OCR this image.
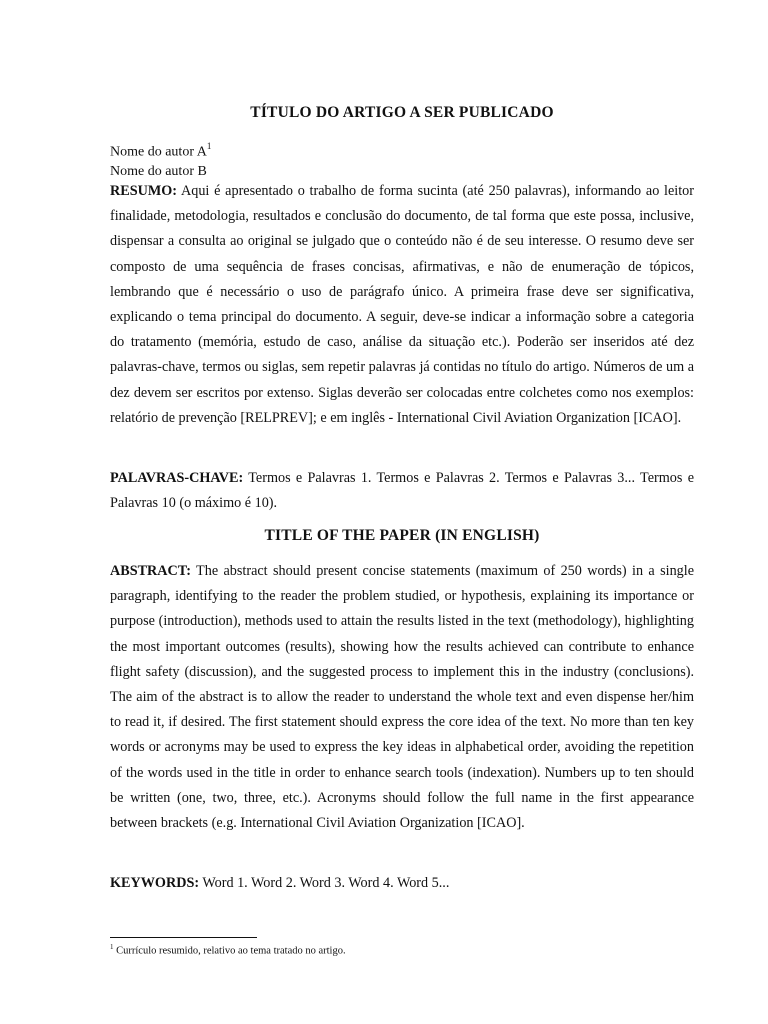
TÍTULO DO ARTIGO A SER PUBLICADO
Nome do autor $A^1$
Nome do autor B

RESUMO: Aqui é apresentado o trabalho de forma sucinta (até 250 palavras), informando ao leitor finalidade, metodologia, resultados e conclusão do documento, de tal forma que este possa, inclusive, dispensar a consulta ao original se julgado que o conteúdo não é de seu interesse. O resumo deve ser composto de uma sequência de frases concisas, afirmativas, e não de enumeração de tópicos, lembrando que é necessário o uso de parágrafo único. A primeira frase deve ser significativa, explicando o tema principal do documento. A seguir, deve-se indicar a informação sobre a categoria do tratamento (memória, estudo de caso, análise da situação etc.). Poderão ser inseridos até dez palavras-chave, termos ou siglas, sem repetir palavras já contidas no título do artigo. Números de um a dez devem ser escritos por extenso. Siglas deverão ser colocadas entre colchetes como nos exemplos: relatório de prevenção [RELPREV]; e em inglês - International Civil Aviation Organization [ICAO].

PALAVRAS-CHAVE: Termos e Palavras 1. Termos e Palavras 2. Termos e Palavras 3... Termos e Palavras 10 (o máximo é 10).

TITLE OF THE PAPER (IN ENGLISH)

ABSTRACT: The abstract should present concise statements (maximum of 250 words) in a single paragraph, identifying to the reader the problem studied, or hypothesis, explaining its importance or purpose (introduction), methods used to attain the results listed in the text (methodology), highlighting the most important outcomes (results), showing how the results achieved can contribute to enhance flight safety (discussion), and the suggested process to implement this in the industry (conclusions). The aim of the abstract is to allow the reader to understand the whole text and even dispense her/him to read it, if desired. The first statement should express the core idea of the text. No more than ten key words or acronyms may be used to express the key ideas in alphabetical order, avoiding the repetition of the words used in the title in order to enhance search tools (indexation). Numbers up to ten should be written (one, two, three, etc.). Acronyms should follow the full name in the first appearance between brackets (e.g. International Civil Aviation Organization [ICAO].

KEYWORDS: Word 1. Word 2. Word 3. Word 4. Word 5...

$^1$ Currículo resumido, relativo ao tema tratado no artigo.
